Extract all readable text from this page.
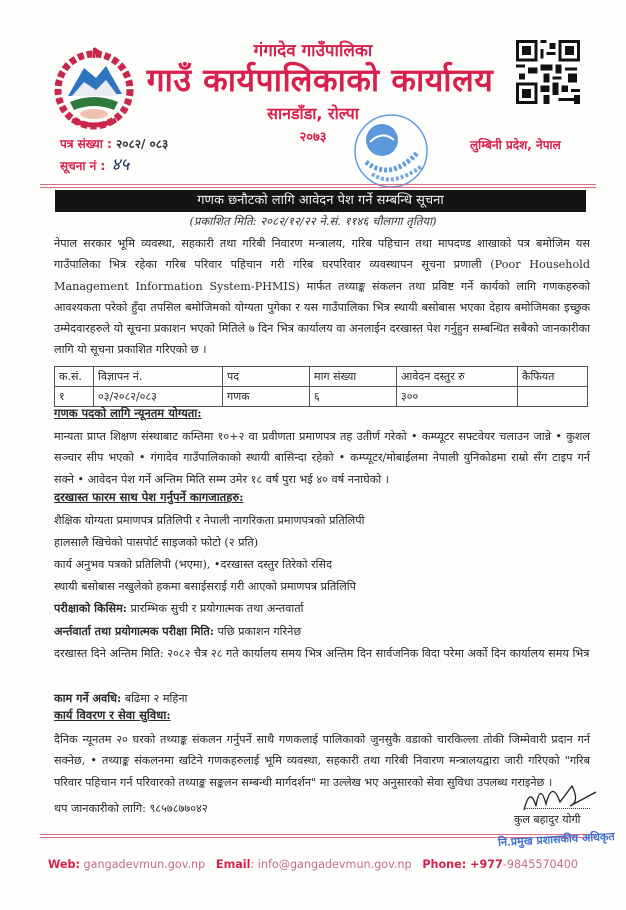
गंगादेव गाउँपालिका
गाउँ कार्यपालिकाको कार्यालय
सानडाँडा, रोल्पा
२०७३
पत्र संख्या : २०८२/ ०८३
सूचना नं : ४५
लुम्बिनी प्रदेश, नेपाल
गणक छनौटको लागि आवेदन पेश गर्ने सम्बन्धि सूचना
(प्रकाशित मिति: २०८२/१२/२२ ने.सं. ११४६ चौलागा तृतिया)
नेपाल सरकार भूमि व्यवस्था, सहकारी तथा गरिबी निवारण मन्त्रालय, गरिब पहिचान तथा मापदण्ड शाखाको पत्र बमोजिम यस गाउँपालिका भित्र रहेका गरिब परिवार पहिचान गरी गरिब घरपरिवार व्यवस्थापन सूचना प्रणाली (Poor Household Management Information System-PHMIS) मार्फत तथ्याङ्क संकलन तथा प्रविष्ट गर्ने कार्यको लागि गणकहरुको आवश्यकता परेको हुँदा तपसिल बमोजिमको योग्यता पुगेका र यस गाउँपालिका भित्र स्थायी बसोबास भएका देहाय बमोजिमका इच्छुक उम्मेदवारहरुले यो सूचना प्रकाशन भएको मितिले ७ दिन भित्र कार्यालय वा अनलाईन दरखास्त पेश गर्नुहुन सम्बन्धित सबैको जानकारीका लागि यो सूचना प्रकाशित गरिएको छ ।
क.सं.	विज्ञापन नं.	पद	माग संख्या	आवेदन दस्तुर रु	कैफियत
१	०३/२०८२/०८३	गणक	६	३००	
गणक पदको लागि न्यूनतम योग्यता:
मान्यता प्राप्त शिक्षण संस्थाबाट कम्तिमा १०+२ वा प्रवीणता प्रमाणपत्र तह उतीर्ण गरेको • कम्प्यूटर सफ्टवेयर चलाउन जान्ने • कुशल सञ्चार सीप भएको • गंगादेव गाउँपालिकाको स्थायी बासिन्दा रहेको • कम्प्यूटर/मोबाईलमा नेपाली युनिकोडमा राम्रो सँग टाइप गर्न सक्ने • आवेदन पेश गर्ने अन्तिम मिति सम्म उमेर १८ वर्ष पुरा भई ४० वर्ष ननाघेको ।
दरखास्त फारम साथ पेश गर्नुपर्ने कागजातहरु:
शैक्षिक योग्यता प्रमाणपत्र प्रतिलिपी र नेपाली नागरिकता प्रमाणपत्रको प्रतिलिपी
हालसालै खिचेको पासपोर्ट साइजको फोटो (२ प्रति)
कार्य अनुभव पत्रको प्रतिलिपी (भएमा), •दरखास्त दस्तुर तिरेको रसिद
स्थायी बसोबास नखुलेको हकमा बसाईसराई गरी आएको प्रमाणपत्र प्रतिलिपि
परीक्षाको किसिम: प्रारम्भिक सुची र प्रयोगात्मक तथा अन्तवार्ता
अर्न्तवार्ता तथा प्रयोगात्मक परीक्षा मिति: पछि प्रकाशन गरिनेछ
दरखास्त दिने अन्तिम मिति: २०८२ चैत्र २८ गते कार्यालय समय भित्र अन्तिम दिन सार्वजनिक विदा परेमा अर्को दिन कार्यालय समय भित्र
काम गर्ने अवधि: बढिमा २ महिना
कार्य विवरण र सेवा सुविधा:
दैनिक न्यूनतम २० घरको तथ्याङ्क संकलन गर्नुपर्ने साथै गणकलाई पालिकाको जुनसुकै वडाको चारकिल्ला तोकी जिम्मेवारी प्रदान गर्न सक्नेछ, • तथ्याङ्क संकलनमा खटिने गणकहरुलाई भूमि व्यवस्था, सहकारी तथा गरिबी निवारण मन्त्रालयद्वारा जारी गरिएको "गरिब परिवार पहिचान गर्न परिवारको तथ्याङ्क सङ्कलन सम्बन्धी मार्गदर्शन" मा उल्लेख भए अनुसारको सेवा सुविधा उपलब्ध गराइनेछ ।
थप जानकारीको लागि: ९८५७८७७०४२
कुल बहादुर योगी
नि.प्रमुख प्रशासकीय अधिकृत
Web: gangadevmun.gov.np Email: info@gangadevmun.gov.np Phone: +977-9845570400
